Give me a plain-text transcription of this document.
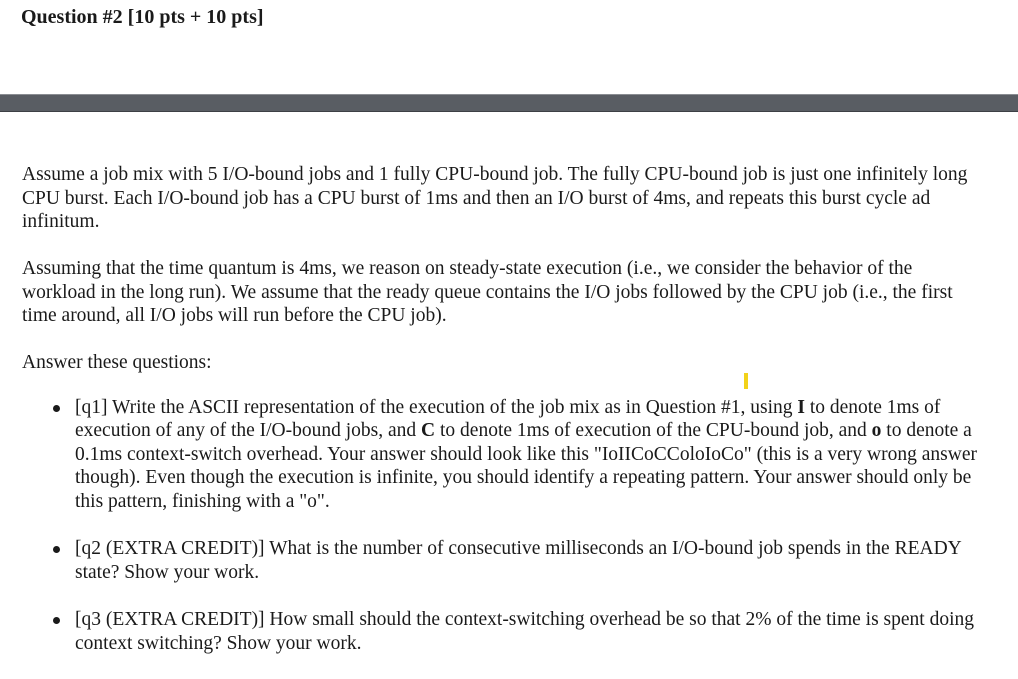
Question #2 [10 pts + 10 pts]

Assume a job mix with 5 I/O-bound jobs and 1 fully CPU-bound job. The fully CPU-bound job is just one infinitely long CPU burst. Each I/O-bound job has a CPU burst of 1ms and then an I/O burst of 4ms, and repeats this burst cycle ad infinitum.

Assuming that the time quantum is 4ms, we reason on steady-state execution (i.e., we consider the behavior of the workload in the long run). We assume that the ready queue contains the I/O jobs followed by the CPU job (i.e., the first time around, all I/O jobs will run before the CPU job).

Answer these questions:

[q1] Write the ASCII representation of the execution of the job mix as in Question #1, using I to denote 1ms of execution of any of the I/O-bound jobs, and C to denote 1ms of execution of the CPU-bound job, and o to denote a 0.1ms context-switch overhead. Your answer should look like this "IoIICoCColoIoCo" (this is a very wrong answer though). Even though the execution is infinite, you should identify a repeating pattern. Your answer should only be this pattern, finishing with a "o".
[q2 (EXTRA CREDIT)] What is the number of consecutive milliseconds an I/O-bound job spends in the READY state? Show your work.
[q3 (EXTRA CREDIT)] How small should the context-switching overhead be so that 2% of the time is spent doing context switching? Show your work.
